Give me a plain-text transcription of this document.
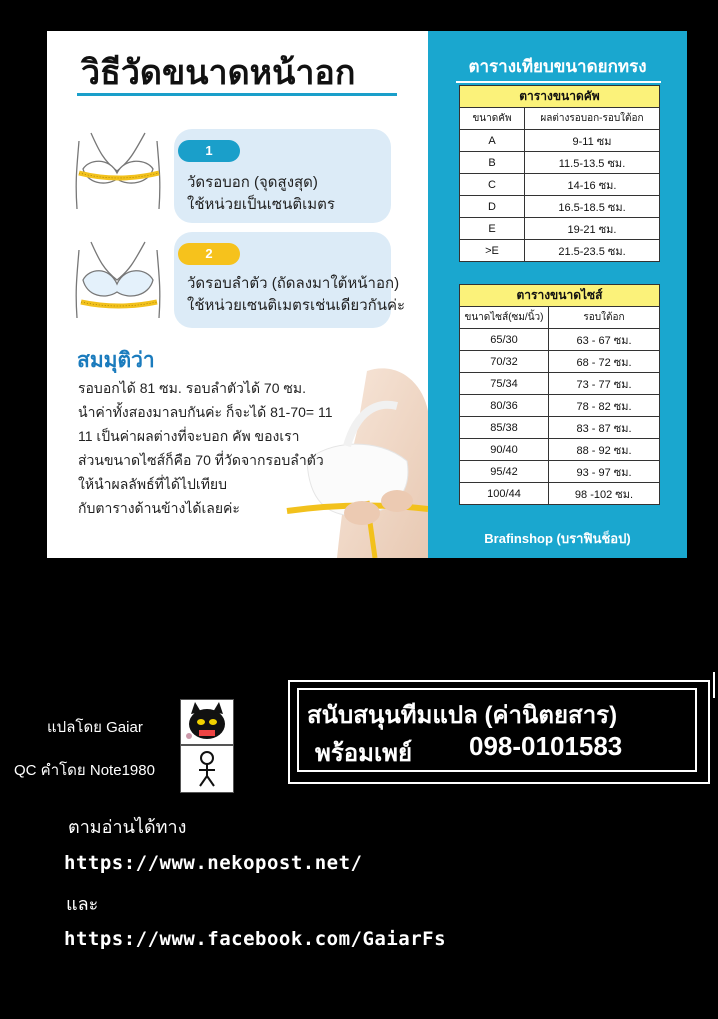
วิธีวัดขนาดหน้าอก
1
วัดรอบอก (จุดสูงสุด)
ใช้หน่วยเป็นเซนติเมตร
2
วัดรอบลำตัว (ถัดลงมาใต้หน้าอก)
ใช้หน่วยเซนติเมตรเช่นเดียวกันค่ะ
สมมุติว่า
รอบอกได้ 81 ซม. รอบลำตัวได้ 70 ซม.
นำค่าทั้งสองมาลบกันค่ะ ก็จะได้ 81-70= 11
11 เป็นค่าผลต่างที่จะบอก คัพ ของเรา
ส่วนขนาดไซส์ก็คือ 70 ที่วัดจากรอบลำตัว
ให้นำผลลัพธ์ที่ได้ไปเทียบ
กับตารางด้านข้างได้เลยค่ะ
ตารางเทียบขนาดยกทรง
ตารางขนาดคัพ	
ขนาดคัพ	ผลต่างรอบอก-รอบใต้อก
A	9-11 ซม
B	11.5-13.5 ซม.
C	14-16 ซม.
D	16.5-18.5 ซม.
E	19-21 ซม.
>E	21.5-23.5 ซม.
ตารางขนาดไซส์	
ขนาดไซส์(ซม/นิ้ว)	รอบใต้อก
65/30	63 - 67 ซม.
70/32	68 - 72 ซม.
75/34	73 - 77 ซม.
80/36	78 - 82 ซม.
85/38	83 - 87 ซม.
90/40	88 - 92 ซม.
95/42	93 - 97 ซม.
100/44	98 -102 ซม.
Brafinshop (บราฟินช็อป)
แปลโดย Gaiar
QC คำโดย Note1980
สนับสนุนทีมแปล (ค่านิตยสาร)
พร้อมเพย์ 098-0101583
ตามอ่านได้ทาง
https://www.nekopost.net/
และ
https://www.facebook.com/GaiarFs
